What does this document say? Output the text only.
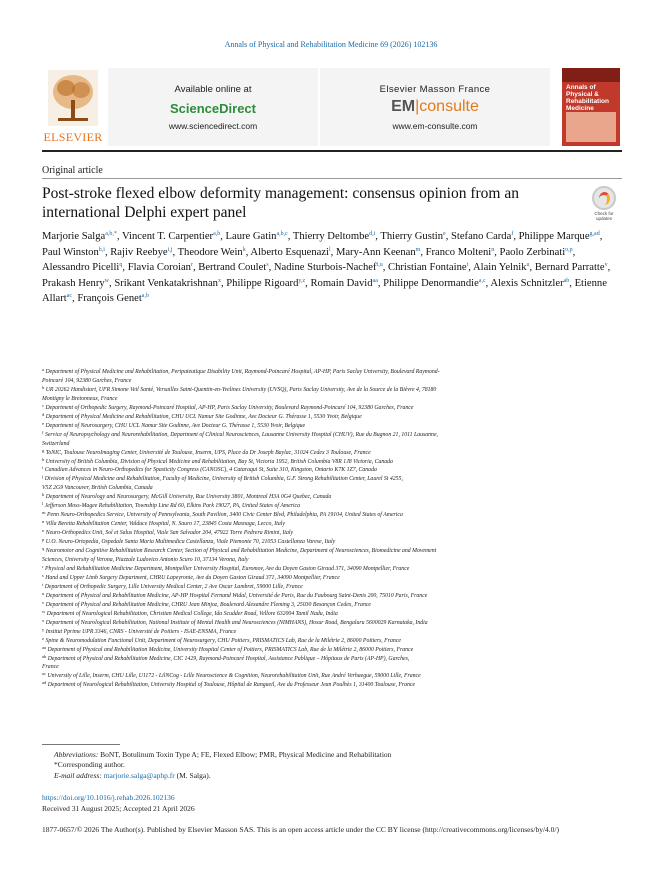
Annals of Physical and Rehabilitation Medicine 69 (2026) 102136
ELSEVIER
Available online at
ScienceDirect
www.sciencedirect.com
Elsevier Masson France
EM|consulte
www.em-consulte.com
Annals of Physical & Rehabilitation Medicine
Original article
Post-stroke flexed elbow deformity management: consensus opinion from an international Delphi expert panel	Check for updates
Marjorie Salga$^{a,b,*}$, Vincent T. Carpentier$^{a,b}$, Laure Gatin$^{a,b,c}$, Thierry Deltombe$^{d,i}$, Thierry Gustin$^e$, Stefano Carda$^f$, Philippe Marque$^{g,ad}$, Paul Winston$^{h,i}$, Rajiv Reebye$^{i,j}$, Theodore Wein$^k$, Alberto Esquenazi$^l$, Mary-Ann Keenan$^m$, Franco Molteni$^n$, Paolo Zerbinati$^{o,p}$, Alessandro Picelli$^q$, Flavia Coroian$^r$, Bertrand Coulet$^s$, Nadine Sturbois-Nachef$^{t,u}$, Christian Fontaine$^t$, Alain Yelnik$^u$, Bernard Parratte$^v$, Prakash Henry$^w$, Srikant Venkatakrishnan$^x$, Philippe Rigoard$^{y,z}$, Romain David$^{aa}$, Philippe Denormandie$^{a,c}$, Alexis Schnitzler$^{ab}$, Etienne Allart$^{ac}$, François Genet$^{a,b}$
$^a$ Department of Physical Medicine and Rehabilitation, Peripateutique Disability Unit, Raymond-Poincaré Hospital, AP-HP, Paris Saclay University, Boulevard Raymond-
Poincaré 104, 92380 Garches, France
$^b$ UR 20262 Handistart, UFR Simone Veil Santé, Versailles Saint-Quentin-en-Yvelines University (UVSQ), Paris Saclay University, Ave de la Source de la Bièvre 4, 78180
Montigny le Bretonneux, France
$^c$ Department of Orthopedic Surgery, Raymond-Poincaré Hospital, AP-HP, Paris Saclay University, Boulevard Raymond-Poincaré 104, 92380 Garches, France
$^d$ Department of Physical Medicine and Rehabilitation, CHU UCL Namur Site Godinne, Ave Docteur G. Thérasse 1, 5530 Yvoir, Belgique
$^e$ Department of Neurosurgery, CHU UCL Namur Site Godinne, Ave Docteur G. Thérasse 1, 5530 Yvoir, Belgique
$^f$ Service of Neuropsychology and Neurorehabilitation, Department of Clinical Neurosciences, Lausanne University Hospital (CHUV), Rue du Bugnon 21, 1011 Lausanne,
Switzerland
$^g$ ToNIC, Toulouse NeuroImaging Center, Université de Toulouse, Inserm, UPS, Place du Dr Joseph Baylac, 31024 Cedex 3 Toulouse, France
$^h$ University of British Columbia, Division of Physical Medicine and Rehabilitation, Bay St, Victoria 1952, British Columbia V8R 1J8 Victoria, Canada
$^i$ Canadian Advances in Neuro-Orthopedics for Spasticity Congress (CANOSC), 4 Cataraqui St, Suite 310, Kingston, Ontario K7K 1Z7, Canada
$^j$ Division of Physical Medicine and Rehabilitation, Faculty of Medicine, University of British Columbia, G.F. Strong Rehabilitation Center, Laurel St 4255,
V5Z 2G9 Vancouver, British Columbia, Canada
$^k$ Department of Neurology and Neurosurgery, McGill University, Rue University 3801, Montreal H3A 0G4 Quebec, Canada
$^l$ Jefferson Moss-Magee Rehabilitation, Township Line Rd 60, Elkins Park 19027, PA, United States of America
$^m$ Penn Neuro-Orthopedics Service, University of Pennsylvania, South Pavilion, 3400 Civic Center Blvd, Philadelphia, PA 19104, United States of America
$^n$ Villa Beretta Rehabilitation Center, Valduce Hospital, N. Sauro 17, 23845 Costa Masnaga, Lecco, Italy
$^o$ Neuro-Orthopedics Unit, Sol et Salus Hospital, Viale San Salvador 204, 47922 Torre Pedrera Rimini, Italy
$^p$ U.O. Neuro-Ortopedia, Ospedale Santa Maria Multimedica Castellanza, Viale Piemonte 70, 21053 Castellanza Varese, Italy
$^q$ Neuromotor and Cognitive Rehabilitation Research Center, Section of Physical and Rehabilitation Medicine, Department of Neurosciences, Biomedicine and Movement
Sciences, University of Verona, Piazzale Ludovico Antonio Scuro 10, 37134 Verona, Italy
$^r$ Physical and Rehabilitation Medicine Department, Montpellier University Hospital, Euromov, Ave du Doyen Gaston Giraud 371, 34090 Montpellier, France
$^s$ Hand and Upper Limb Surgery Department, CHRU Lapeyronie, Ave du Doyen Gaston Giraud 371, 34090 Montpellier, France
$^t$ Department of Orthopedic Surgery, Lille University Medical Center, 2 Ave Oscar Lambret, 59000 Lille, France
$^u$ Department of Physical and Rehabilitation Medicine, AP-HP Hospital Fernand Widal, Université de Paris, Rue du Faubourg Saint-Denis 200, 75010 Paris, France
$^v$ Department of Physical and Rehabilitation Medicine, CHRU Jean Minjoz, Boulevard Alexandre Fleming 3, 25030 Besançon Cedex, France
$^w$ Department of Neurological Rehabilitation, Christian Medical College, Ida Scudder Road, Vellore 632004 Tamil Nadu, India
$^x$ Department of Neurological Rehabilitation, National Institute of Mental Health and Neurosciences (NIMHANS), Hosur Road, Bengaluru 5600029 Karnataka, India
$^y$ Institut Pprime UPR 3346, CNRS - Université de Poitiers - ISAE-ENSMA, France
$^z$ Spine & Neuromodulation Functional Unit, Department of Neurosurgery, CHU Poitiers, PRISMATICS Lab, Rue de la Milétrie 2, 86000 Poitiers, France
$^{aa}$ Department of Physical and Rehabilitation Medicine, University Hospital Center of Poitiers, PRISMATICS Lab, Rue de la Milétrie 2, 86000 Poitiers, France
$^{ab}$ Department of Physical and Rehabilitation Medicine, CIC 1429, Raymond-Poincaré Hospital, Assistance Publique – Hôpitaux de Paris (AP-HP), Garches,
France
$^{ac}$ University of Lille, Inserm, CHU Lille, U1172 - LilNCog - Lille Neuroscience & Cognition, Neurorehabilitation Unit, Rue André Verhaegue, 59000 Lille, France
$^{ad}$ Department of Neurological Rehabilitation, University Hospital of Toulouse, Hôpital de Rangueil, Ave du Professeur Jean Poulhès 1, 31400 Toulouse, France
Abbreviations: BoNT, Botulinum Toxin Type A; FE, Flexed Elbow; PMR, Physical Medicine and Rehabilitation
*Corresponding author.
E-mail address: marjorie.salga@aphp.fr (M. Salga).
https://doi.org/10.1016/j.rehab.2026.102136
Received 31 August 2025; Accepted 21 April 2026
1877-0657/© 2026 The Author(s). Published by Elsevier Masson SAS. This is an open access article under the CC BY license (http://creativecommons.org/licenses/by/4.0/)
